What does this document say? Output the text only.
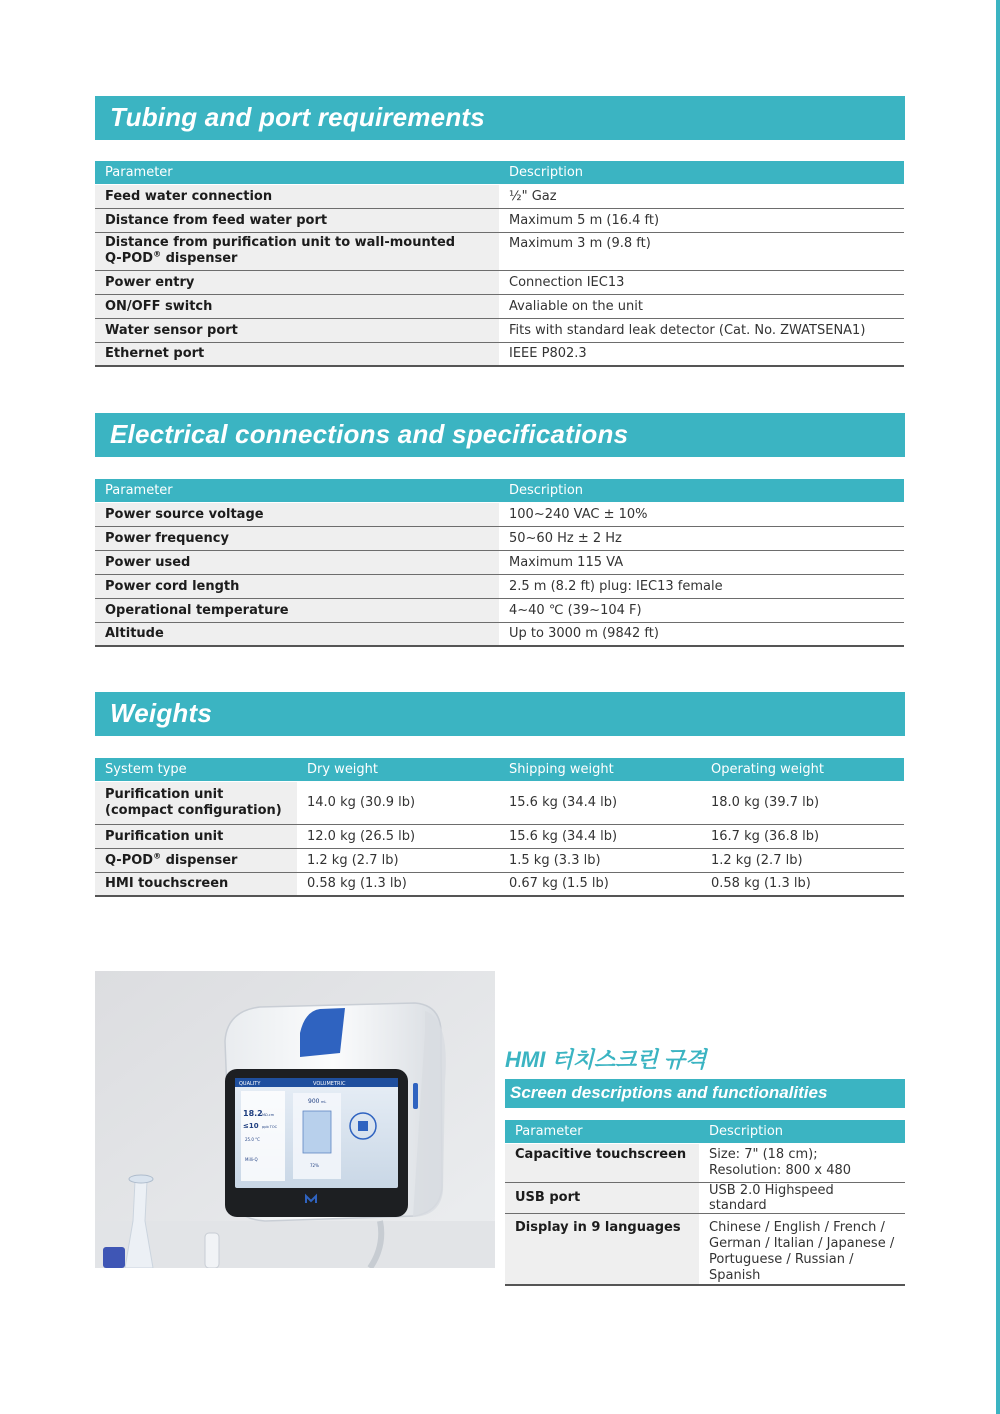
Tubing and port requirements
Parameter	Description
Feed water connection	½" Gaz
Distance from feed water port	Maximum 5 m (16.4 ft)
Distance from purification unit to wall-mounted
Q-POD® dispenser	Maximum 3 m (9.8 ft)
Power entry	Connection IEC13
ON/OFF switch	Avaliable on the unit
Water sensor port	Fits with standard leak detector (Cat. No. ZWATSENA1)
Ethernet port	IEEE P802.3
Electrical connections and specifications
Parameter	Description
Power source voltage	100~240 VAC ± 10%
Power frequency	50~60 Hz ± 2 Hz
Power used	Maximum 115 VA
Power cord length	2.5 m (8.2 ft) plug: IEC13 female
Operational temperature	4~40 ℃ (39~104 F)
Altitude	Up to 3000 m (9842 ft)
Weights
System type	Dry weight	Shipping weight	Operating weight
Purification unit
(compact configuration)	14.0 kg (30.9 lb)	15.6 kg (34.4 lb)	18.0 kg (39.7 lb)
Purification unit	12.0 kg (26.5 lb)	15.6 kg (34.4 lb)	16.7 kg (36.8 lb)
Q-POD® dispenser	1.2 kg (2.7 lb)	1.5 kg (3.3 lb)	1.2 kg (2.7 lb)
HMI touchscreen	0.58 kg (1.3 lb)	0.67 kg (1.5 lb)	0.58 kg (1.3 lb)
QUALITY	VOLUMETRIC
18.2 MΩ.cm
≤10 ppb TOC
25.0 °C
Milli-Q
900 mL
72%
HMI 터치스크린 규격
Screen descriptions and functionalities
Parameter	Description
Capacitive touchscreen	Size: 7" (18 cm);
Resolution: 800 x 480
USB port	USB 2.0 Highspeed standard
Display in 9 languages	Chinese / English / French /
German / Italian / Japanese /
Portuguese / Russian / Spanish
